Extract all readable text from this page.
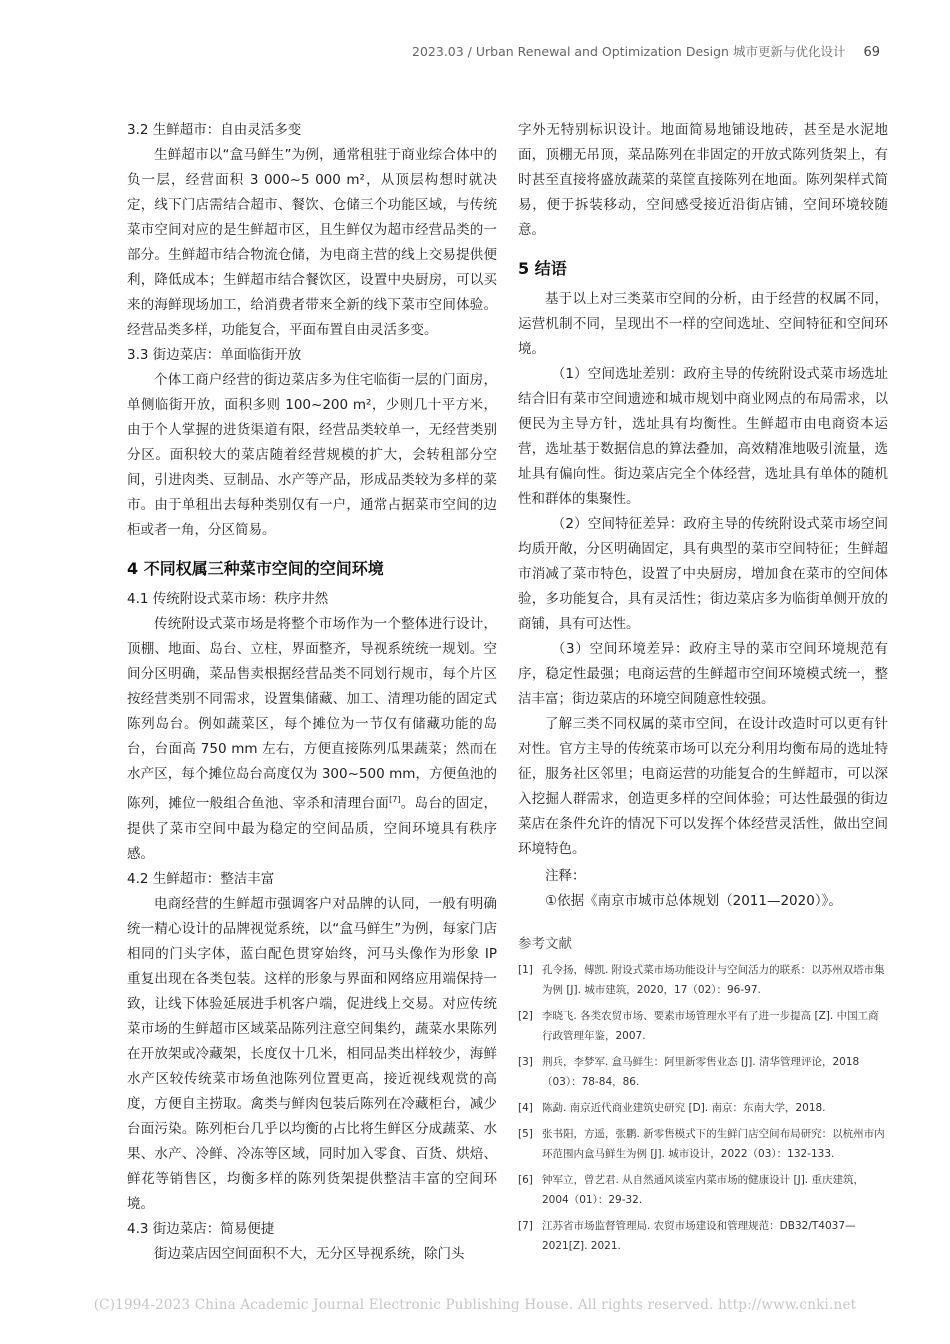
2023.03 / Urban Renewal and Optimization Design 城市更新与优化设计 69

3.2 生鲜超市：自由灵活多变

生鲜超市以“盒马鲜生”为例，通常租驻于商业综合体中的负一层，经营面积 3 000~5 000 m²，从顶层构想时就决定，线下门店需结合超市、餐饮、仓储三个功能区域，与传统菜市空间对应的是生鲜超市区，且生鲜仅为超市经营品类的一部分。生鲜超市结合物流仓储，为电商主营的线上交易提供便利，降低成本；生鲜超市结合餐饮区，设置中央厨房，可以买来的海鲜现场加工，给消费者带来全新的线下菜市空间体验。经营品类多样，功能复合，平面布置自由灵活多变。

3.3 街边菜店：单面临街开放

个体工商户经营的街边菜店多为住宅临街一层的门面房，单侧临街开放，面积多则 100~200 m²，少则几十平方米，由于个人掌握的进货渠道有限，经营品类较单一，无经营类别分区。面积较大的菜店随着经营规模的扩大，会转租部分空间，引进肉类、豆制品、水产等产品，形成品类较为多样的菜市。由于单租出去每种类别仅有一户，通常占据菜市空间的边柜或者一角，分区简易。

4 不同权属三种菜市空间的空间环境

4.1 传统附设式菜市场：秩序井然

传统附设式菜市场是将整个市场作为一个整体进行设计，顶棚、地面、岛台、立柱，界面整齐，导视系统统一规划。空间分区明确，菜品售卖根据经营品类不同划行规市，每个片区按经营类别不同需求，设置集储藏、加工、清理功能的固定式陈列岛台。例如蔬菜区，每个摊位为一节仅有储藏功能的岛台，台面高 750 mm 左右，方便直接陈列瓜果蔬菜；然而在水产区，每个摊位岛台高度仅为 300~500 mm，方便鱼池的陈列，摊位一般组合鱼池、宰杀和清理台面[7]。岛台的固定，提供了菜市空间中最为稳定的空间品质，空间环境具有秩序感。

4.2 生鲜超市：整洁丰富

电商经营的生鲜超市强调客户对品牌的认同，一般有明确统一精心设计的品牌视觉系统，以“盒马鲜生”为例，每家门店相同的门头字体，蓝白配色贯穿始终，河马头像作为形象 IP 重复出现在各类包装。这样的形象与界面和网络应用端保持一致，让线下体验延展进手机客户端，促进线上交易。对应传统菜市场的生鲜超市区域菜品陈列注意空间集约，蔬菜水果陈列在开放架或冷藏架，长度仅十几米，相同品类出样较少，海鲜水产区较传统菜市场鱼池陈列位置更高，接近视线观赏的高度，方便自主捞取。禽类与鲜肉包装后陈列在冷藏柜台，减少台面污染。陈列柜台几乎以均衡的占比将生鲜区分成蔬菜、水果、水产、冷鲜、冷冻等区域，同时加入零食、百货、烘焙、鲜花等销售区，均衡多样的陈列货架提供整洁丰富的空间环境。

4.3 街边菜店：简易便捷

街边菜店因空间面积不大，无分区导视系统，除门头

字外无特别标识设计。地面简易地铺设地砖，甚至是水泥地面，顶棚无吊顶，菜品陈列在非固定的开放式陈列货架上，有时甚至直接将盛放蔬菜的菜筐直接陈列在地面。陈列架样式简易，便于拆装移动，空间感受接近沿街店铺，空间环境较随意。

5 结语

基于以上对三类菜市空间的分析，由于经营的权属不同，运营机制不同，呈现出不一样的空间选址、空间特征和空间环境。

（1）空间选址差别：政府主导的传统附设式菜市场选址结合旧有菜市空间遗迹和城市规划中商业网点的布局需求，以便民为主导方针，选址具有均衡性。生鲜超市由电商资本运营，选址基于数据信息的算法叠加，高效精准地吸引流量，选址具有偏向性。街边菜店完全个体经营，选址具有单体的随机性和群体的集聚性。

（2）空间特征差异：政府主导的传统附设式菜市场空间均质开敞，分区明确固定，具有典型的菜市空间特征；生鲜超市消减了菜市特色，设置了中央厨房，增加食在菜市的空间体验，多功能复合，具有灵活性；街边菜店多为临街单侧开放的商铺，具有可达性。

（3）空间环境差异：政府主导的菜市空间环境规范有序，稳定性最强；电商运营的生鲜超市空间环境模式统一，整洁丰富；街边菜店的环境空间随意性较强。

了解三类不同权属的菜市空间，在设计改造时可以更有针对性。官方主导的传统菜市场可以充分利用均衡布局的选址特征，服务社区邻里；电商运营的功能复合的生鲜超市，可以深入挖掘人群需求，创造更多样的空间体验；可达性最强的街边菜店在条件允许的情况下可以发挥个体经营灵活性，做出空间环境特色。

注释：

①依据《南京市城市总体规划（2011—2020）》。

参考文献

[1] 孔令扬，傅凯. 附设式菜市场功能设计与空间活力的联系：以苏州双塔市集为例 [J]. 城市建筑，2020，17（02）：96-97.
[2] 李晓飞. 各类农贸市场、要素市场管理水平有了进一步提高 [Z]. 中国工商行政管理年鉴，2007.
[3] 荆兵，李梦军. 盒马鲜生：阿里新零售业态 [J]. 清华管理评论，2018（03）：78-84，86.
[4] 陈勐. 南京近代商业建筑史研究 [D]. 南京：东南大学，2018.
[5] 张书阳，方遥，张鹏. 新零售模式下的生鲜门店空间布局研究：以杭州市内环范围内盒马鲜生为例 [J]. 城市设计，2022（03）：132-133.
[6] 钟军立，曾艺君. 从自然通风谈室内菜市场的健康设计 [J]. 重庆建筑，2004（01）：29-32.
[7] 江苏省市场监督管理局. 农贸市场建设和管理规范：DB32/T4037—2021[Z]. 2021.
(C)1994-2023 China Academic Journal Electronic Publishing House. All rights reserved. http://www.cnki.net
